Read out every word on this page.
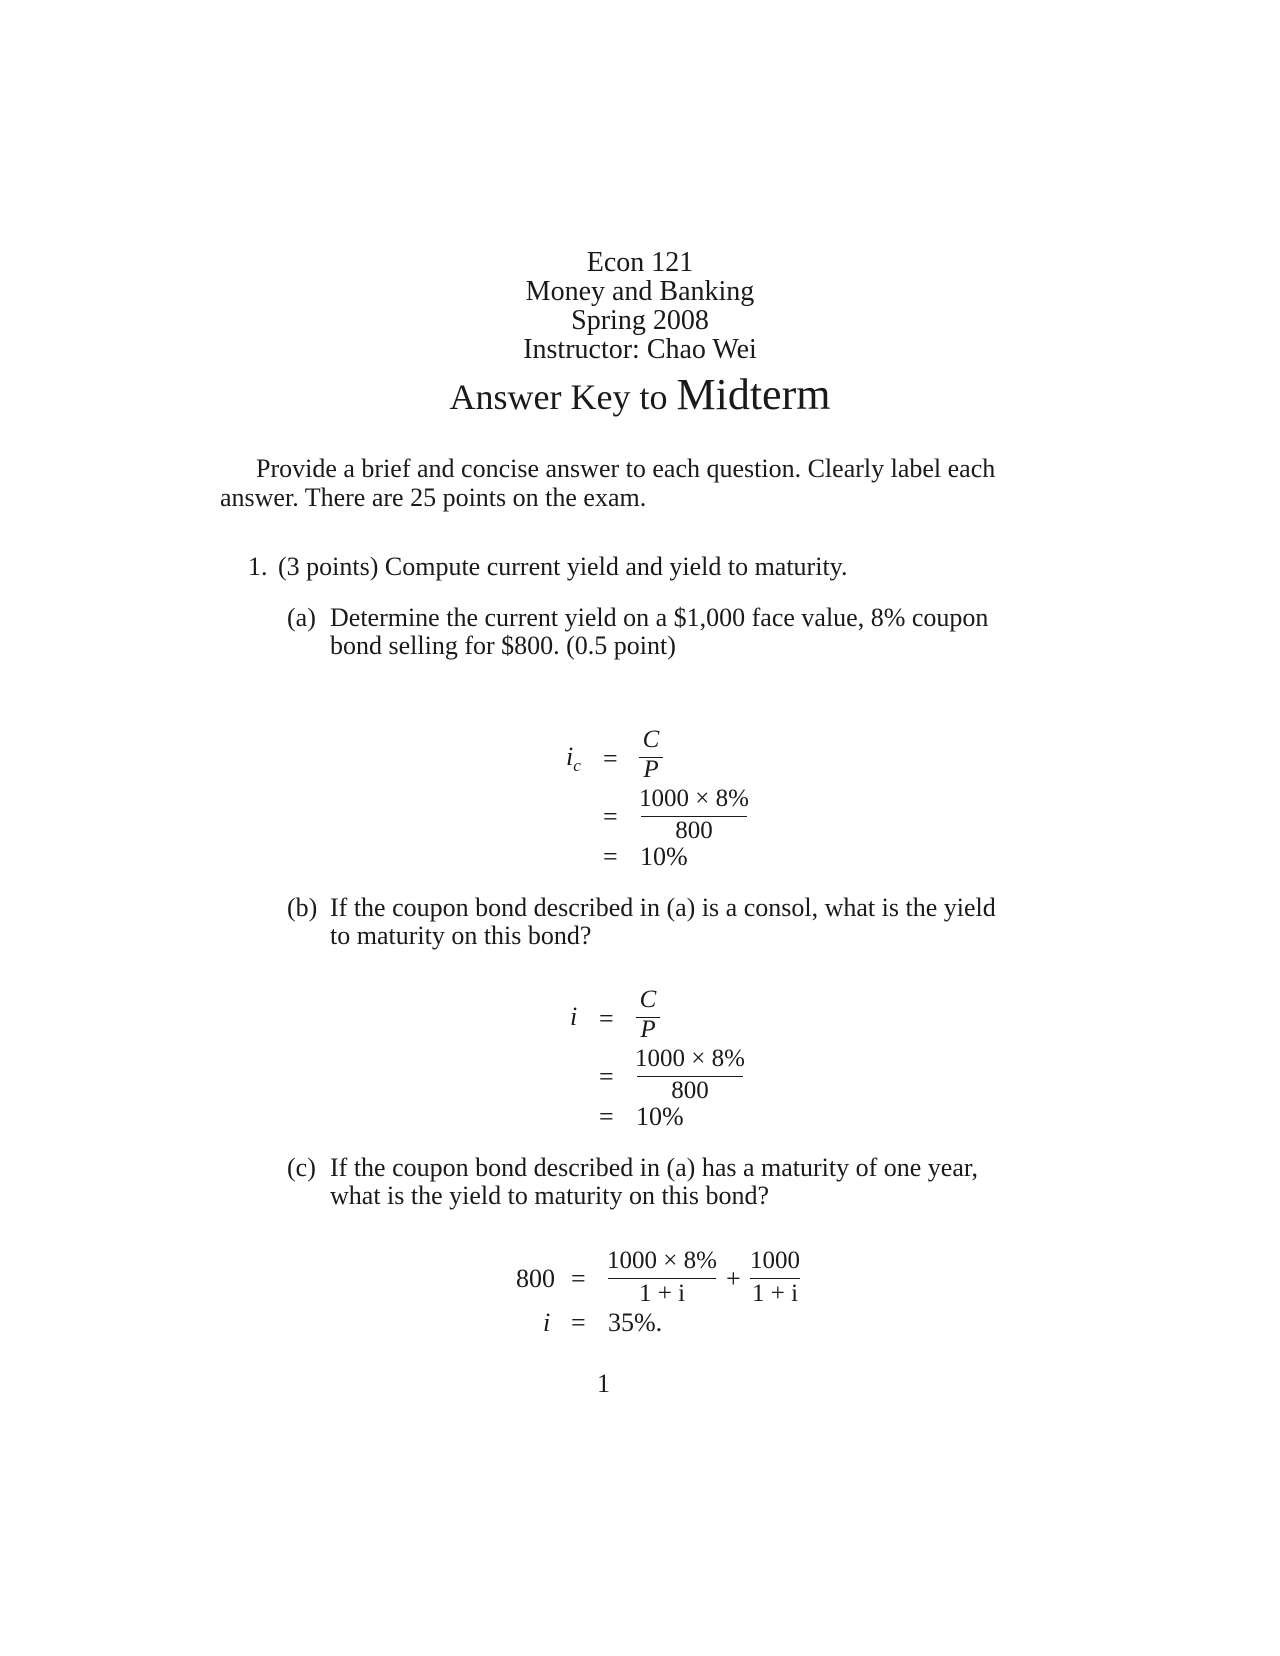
Econ 121
Money and Banking
Spring 2008
Instructor: Chao Wei
Answer Key to Midterm
Provide a brief and concise answer to each question. Clearly label each
answer. There are 25 points on the exam.
1. (3 points) Compute current yield and yield to maturity.
(a) Determine the current yield on a $1,000 face value, 8% coupon
bond selling for $800. (0.5 point)
$i_c$ =
C
P
=
1000 × 8%
800
= 10%
(b) If the coupon bond described in (a) is a consol, what is the yield
to maturity on this bond?
i =
C
P
=
1000 × 8%
800
= 10%
(c) If the coupon bond described in (a) has a maturity of one year,
what is the yield to maturity on this bond?
800 =
1000 × 8%
1 + i
+
1000
1 + i
i = 35%.
1
